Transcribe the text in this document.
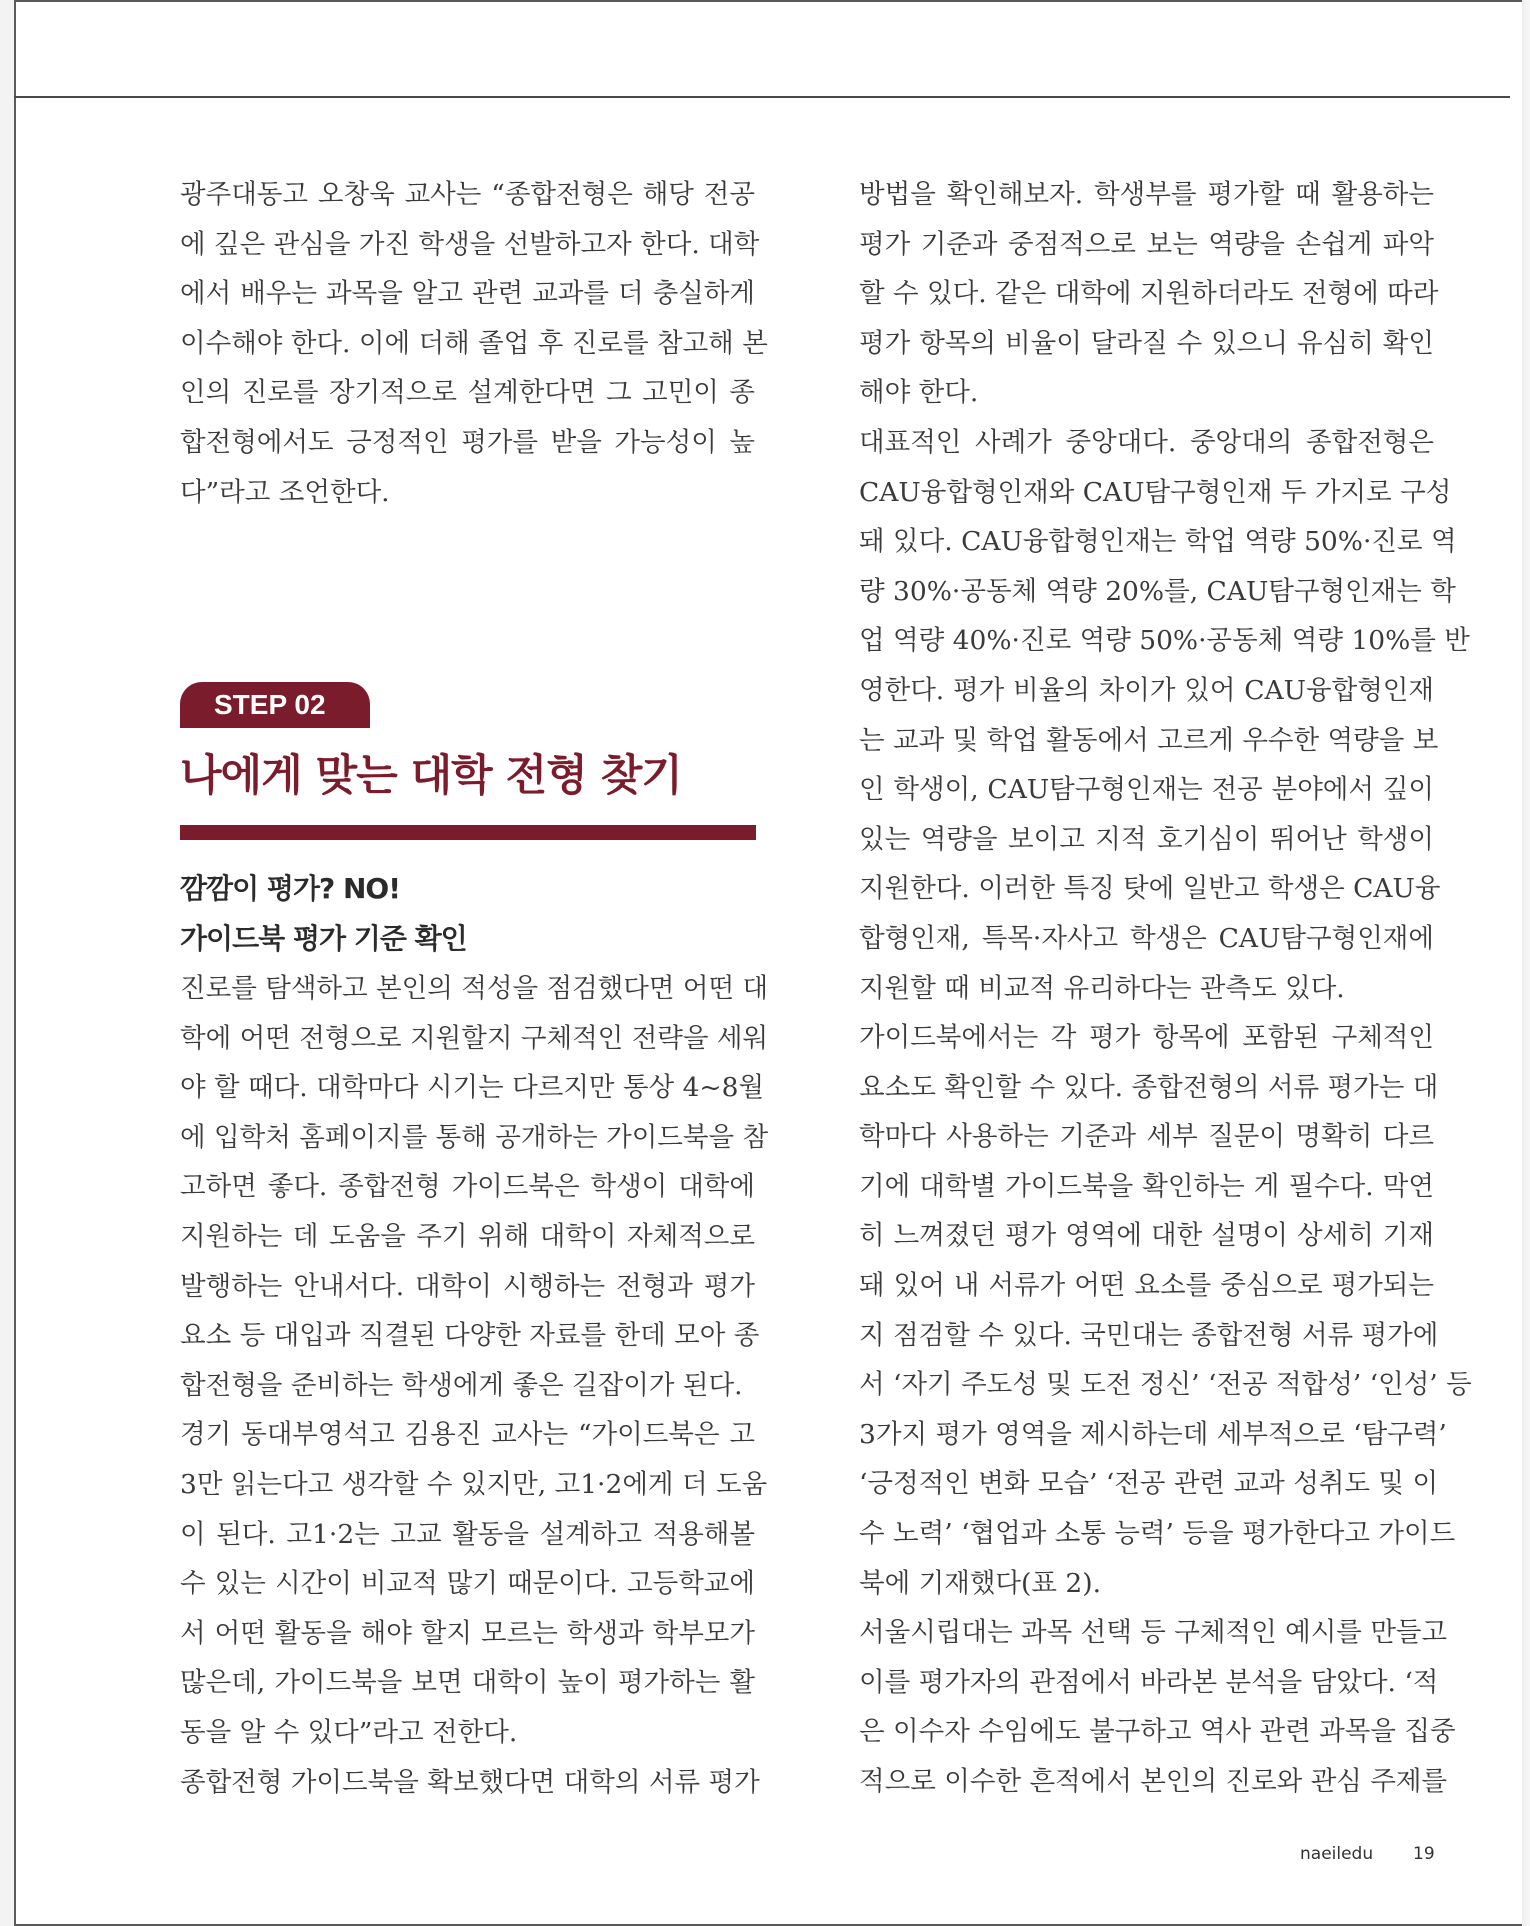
광주대동고 오창욱 교사는 “종합전형은 해당 전공
에 깊은 관심을 가진 학생을 선발하고자 한다. 대학
에서 배우는 과목을 알고 관련 교과를 더 충실하게
이수해야 한다. 이에 더해 졸업 후 진로를 참고해 본
인의 진로를 장기적으로 설계한다면 그 고민이 종
합전형에서도 긍정적인 평가를 받을 가능성이 높
다”라고 조언한다.
STEP 02
나에게 맞는 대학 전형 찾기
깜깜이 평가? NO!
가이드북 평가 기준 확인
진로를 탐색하고 본인의 적성을 점검했다면 어떤 대
학에 어떤 전형으로 지원할지 구체적인 전략을 세워
야 할 때다. 대학마다 시기는 다르지만 통상 4~8월
에 입학처 홈페이지를 통해 공개하는 가이드북을 참
고하면 좋다. 종합전형 가이드북은 학생이 대학에
지원하는 데 도움을 주기 위해 대학이 자체적으로
발행하는 안내서다. 대학이 시행하는 전형과 평가
요소 등 대입과 직결된 다양한 자료를 한데 모아 종
합전형을 준비하는 학생에게 좋은 길잡이가 된다.
경기 동대부영석고 김용진 교사는 “가이드북은 고
3만 읽는다고 생각할 수 있지만, 고1·2에게 더 도움
이 된다. 고1·2는 고교 활동을 설계하고 적용해볼
수 있는 시간이 비교적 많기 때문이다. 고등학교에
서 어떤 활동을 해야 할지 모르는 학생과 학부모가
많은데, 가이드북을 보면 대학이 높이 평가하는 활
동을 알 수 있다”라고 전한다.
종합전형 가이드북을 확보했다면 대학의 서류 평가
방법을 확인해보자. 학생부를 평가할 때 활용하는
평가 기준과 중점적으로 보는 역량을 손쉽게 파악
할 수 있다. 같은 대학에 지원하더라도 전형에 따라
평가 항목의 비율이 달라질 수 있으니 유심히 확인
해야 한다.
대표적인 사례가 중앙대다. 중앙대의 종합전형은
CAU융합형인재와 CAU탐구형인재 두 가지로 구성
돼 있다. CAU융합형인재는 학업 역량 50%·진로 역
량 30%·공동체 역량 20%를, CAU탐구형인재는 학
업 역량 40%·진로 역량 50%·공동체 역량 10%를 반
영한다. 평가 비율의 차이가 있어 CAU융합형인재
는 교과 및 학업 활동에서 고르게 우수한 역량을 보
인 학생이, CAU탐구형인재는 전공 분야에서 깊이
있는 역량을 보이고 지적 호기심이 뛰어난 학생이
지원한다. 이러한 특징 탓에 일반고 학생은 CAU융
합형인재, 특목·자사고 학생은 CAU탐구형인재에
지원할 때 비교적 유리하다는 관측도 있다.
가이드북에서는 각 평가 항목에 포함된 구체적인
요소도 확인할 수 있다. 종합전형의 서류 평가는 대
학마다 사용하는 기준과 세부 질문이 명확히 다르
기에 대학별 가이드북을 확인하는 게 필수다. 막연
히 느껴졌던 평가 영역에 대한 설명이 상세히 기재
돼 있어 내 서류가 어떤 요소를 중심으로 평가되는
지 점검할 수 있다. 국민대는 종합전형 서류 평가에
서 ‘자기 주도성 및 도전 정신’ ‘전공 적합성’ ‘인성’ 등
3가지 평가 영역을 제시하는데 세부적으로 ‘탐구력’
‘긍정적인 변화 모습’ ‘전공 관련 교과 성취도 및 이
수 노력’ ‘협업과 소통 능력’ 등을 평가한다고 가이드
북에 기재했다(표 2).
서울시립대는 과목 선택 등 구체적인 예시를 만들고
이를 평가자의 관점에서 바라본 분석을 담았다. ‘적
은 이수자 수임에도 불구하고 역사 관련 과목을 집중
적으로 이수한 흔적에서 본인의 진로와 관심 주제를
naeiledu 19
